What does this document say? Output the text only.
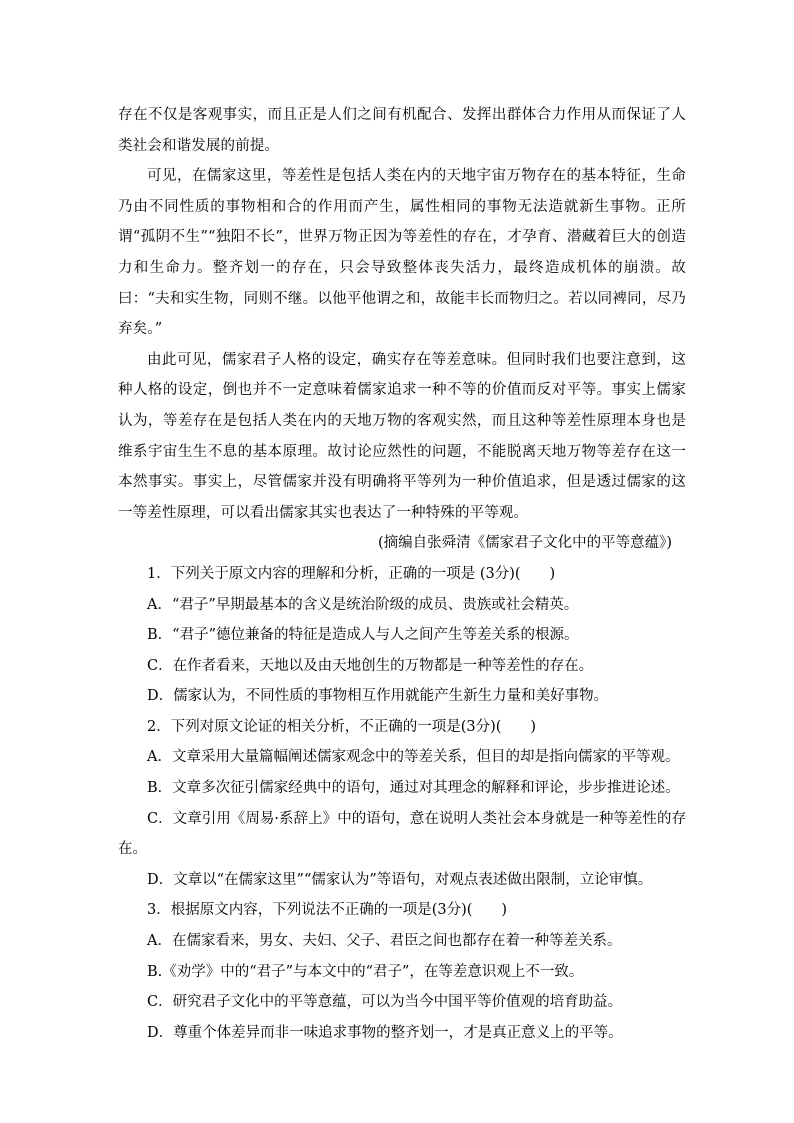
存在不仅是客观事实，而且正是人们之间有机配合、发挥出群体合力作用从而保证了人类社会和谐发展的前提。

可见，在儒家这里，等差性是包括人类在内的天地宇宙万物存在的基本特征，生命乃由不同性质的事物相和合的作用而产生，属性相同的事物无法造就新生事物。正所谓“孤阴不生”“独阳不长”，世界万物正因为等差性的存在，才孕育、潜藏着巨大的创造力和生命力。整齐划一的存在，只会导致整体丧失活力，最终造成机体的崩溃。故曰：“夫和实生物，同则不继。以他平他谓之和，故能丰长而物归之。若以同裨同，尽乃弃矣。”

由此可见，儒家君子人格的设定，确实存在等差意味。但同时我们也要注意到，这种人格的设定，倒也并不一定意味着儒家追求一种不等的价值而反对平等。事实上儒家认为，等差存在是包括人类在内的天地万物的客观实然，而且这种等差性原理本身也是维系宇宙生生不息的基本原理。故讨论应然性的问题，不能脱离天地万物等差存在这一本然事实。事实上，尽管儒家并没有明确将平等列为一种价值追求，但是透过儒家的这一等差性原理，可以看出儒家其实也表达了一种特殊的平等观。

(摘编自张舜清《儒家君子文化中的平等意蕴》)

1．下列关于原文内容的理解和分析，正确的一项是 (3分)(　　)

A．“君子”早期最基本的含义是统治阶级的成员、贵族或社会精英。

B．“君子”德位兼备的特征是造成人与人之间产生等差关系的根源。

C．在作者看来，天地以及由天地创生的万物都是一种等差性的存在。

D．儒家认为，不同性质的事物相互作用就能产生新生力量和美好事物。

2．下列对原文论证的相关分析，不正确的一项是(3分)(　　)

A．文章采用大量篇幅阐述儒家观念中的等差关系，但目的却是指向儒家的平等观。

B．文章多次征引儒家经典中的语句，通过对其理念的解释和评论，步步推进论述。

C．文章引用《周易·系辞上》中的语句，意在说明人类社会本身就是一种等差性的存在。

D．文章以“在儒家这里”“儒家认为”等语句，对观点表述做出限制，立论审慎。

3．根据原文内容，下列说法不正确的一项是(3分)(　　)

A．在儒家看来，男女、夫妇、父子、君臣之间也都存在着一种等差关系。

B.《劝学》中的“君子”与本文中的“君子”，在等差意识观上不一致。

C．研究君子文化中的平等意蕴，可以为当今中国平等价值观的培育助益。

D．尊重个体差异而非一味追求事物的整齐划一，才是真正意义上的平等。
